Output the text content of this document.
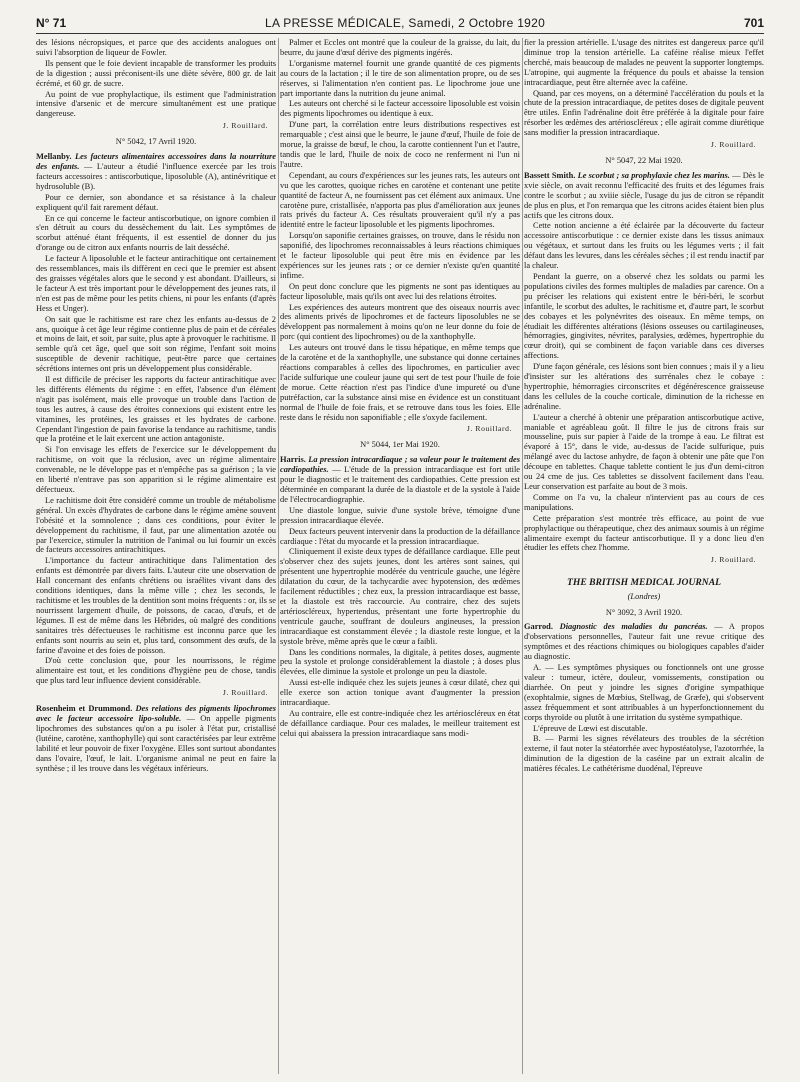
N° 71	LA PRESSE MÉDICALE, Samedi, 2 Octobre 1920	701

des lésions nécropsiques, et parce que des accidents analogues ont suivi l'absorption de liqueur de Fowler.

Ils pensent que le foie devient incapable de transformer les produits de la digestion ; aussi préconisent-ils une diète sévère, 800 gr. de lait écrémé, et 60 gr. de sucre.

Au point de vue prophylactique, ils estiment que l'administration intensive d'arsenic et de mercure simultanément est une pratique dangereuse.

J. Rouillard.

N° 5042, 17 Avril 1920.

Mellanby. Les facteurs alimentaires accessoires dans la nourriture des enfants. — L'auteur a étudié l'influence exercée par les trois facteurs accessoires : antiscorbutique, liposoluble (A), antinévritique et hydrosoluble (B).

Pour ce dernier, son abondance et sa résistance à la chaleur expliquent qu'il fait rarement défaut.

En ce qui concerne le facteur antiscorbutique, on ignore combien il s'en détruit au cours du dessèchement du lait. Les symptômes de scorbut atténué étant fréquents, il est essentiel de donner du jus d'orange ou de citron aux enfants nourris de lait desséché.

Le facteur A liposoluble et le facteur antirachitique ont certainement des ressemblances, mais ils diffèrent en ceci que le premier est absent des graisses végétales alors que le second y est abondant. D'ailleurs, si le facteur A est très important pour le développement des jeunes rats, il n'en est pas de même pour les petits chiens, ni pour les enfants (d'après Hess et Unger).

On sait que le rachitisme est rare chez les enfants au-dessus de 2 ans, quoique à cet âge leur régime contienne plus de pain et de céréales et moins de lait, et soit, par suite, plus apte à provoquer le rachitisme. Il semble qu'à cet âge, quel que soit son régime, l'enfant soit moins susceptible de devenir rachitique, peut-être parce que certaines sécrétions internes ont pris un développement plus considérable.

Il est difficile de préciser les rapports du facteur antirachitique avec les différents éléments du régime : en effet, l'absence d'un élément n'agit pas isolément, mais elle provoque un trouble dans l'action de tous les autres, à cause des étroites connexions qui existent entre les vitamines, les protéines, les graisses et les hydrates de carbone. Cependant l'ingestion de pain favorise la tendance au rachitisme, tandis que la protéine et le lait exercent une action antagoniste.

Si l'on envisage les effets de l'exercice sur le développement du rachitisme, on voit que la réclusion, avec un régime alimentaire convenable, ne le développe pas et n'empêche pas sa guérison ; la vie en liberté n'entrave pas son apparition si le régime alimentaire est défectueux.

Le rachitisme doit être considéré comme un trouble de métabolisme général. Un excès d'hydrates de carbone dans le régime amène souvent l'obésité et la somnolence ; dans ces conditions, pour éviter le développement du rachitisme, il faut, par une alimentation azotée ou par l'exercice, stimuler la nutrition de l'animal ou lui fournir un excès de facteurs accessoires antirachitiques.

L'importance du facteur antirachitique dans l'alimentation des enfants est démontrée par divers faits. L'auteur cite une observation de Hall concernant des enfants chrétiens ou israélites vivant dans des conditions identiques, dans la même ville ; chez les seconds, le rachitisme et les troubles de la dentition sont moins fréquents : or, ils se nourrissent largement d'huile, de poissons, de cacao, d'œufs, et de légumes. Il est de même dans les Hébrides, où malgré des conditions sanitaires très défectueuses le rachitisme est inconnu parce que les enfants sont nourris au sein et, plus tard, consomment des œufs, de la farine d'avoine et des foies de poisson.

D'où cette conclusion que, pour les nourrissons, le régime alimentaire est tout, et les conditions d'hygiène peu de chose, tandis que plus tard leur influence devient considérable.

J. Rouillard.

Rosenheim et Drummond. Des relations des pigments lipochromes avec le facteur accessoire lipo-soluble. — On appelle pigments lipochromes des substances qu'on a pu isoler à l'état pur, cristallisé (lutéine, carotène, xanthophylle) qui sont caractérisées par leur extrême labilité et leur pouvoir de fixer l'oxygène. Elles sont surtout abondantes dans l'ovaire, l'œuf, le lait. L'organisme animal ne peut en faire la synthèse ; il les trouve dans les végétaux inférieurs.

Palmer et Eccles ont montré que la couleur de la graisse, du lait, du beurre, du jaune d'œuf dérive des pigments ingérés.

L'organisme maternel fournit une grande quantité de ces pigments au cours de la lactation ; il le tire de son alimentation propre, ou de ses réserves, si l'alimentation n'en contient pas. Le lipochrome joue une part importante dans la nutrition du jeune animal.

Les auteurs ont cherché si le facteur accessoire liposoluble est voisin des pigments lipochromes ou identique à eux.

D'une part, la corrélation entre leurs distributions respectives est remarquable ; c'est ainsi que le beurre, le jaune d'œuf, l'huile de foie de morue, la graisse de bœuf, le chou, la carotte contiennent l'un et l'autre, tandis que le lard, l'huile de noix de coco ne renferment ni l'un ni l'autre.

Cependant, au cours d'expériences sur les jeunes rats, les auteurs ont vu que les carottes, quoique riches en carotène et contenant une petite quantité de facteur A, ne fournissent pas cet élément aux animaux. Une carotène pure, cristallisée, n'apporta pas plus d'amélioration aux jeunes rats privés du facteur A. Ces résultats prouveraient qu'il n'y a pas identité entre le facteur liposoluble et les pigments lipochromes.

Lorsqu'on saponifie certaines graisses, on trouve, dans le résidu non saponifié, des lipochromes reconnaissables à leurs réactions chimiques et le facteur liposoluble qui peut être mis en évidence par les expériences sur les jeunes rats ; or ce dernier n'existe qu'en quantité infime.

On peut donc conclure que les pigments ne sont pas identiques au facteur liposoluble, mais qu'ils ont avec lui des relations étroites.

Les expériences des auteurs montrent que des oiseaux nourris avec des aliments privés de lipochromes et de facteurs liposolubles ne se développent pas normalement à moins qu'on ne leur donne du foie de porc (qui contient des lipochromes) ou de la xanthophylle.

Les auteurs ont trouvé dans le tissu hépatique, en même temps que de la carotène et de la xanthophylle, une substance qui donne certaines réactions comparables à celles des lipochromes, en particulier avec l'acide sulfurique une couleur jaune qui sert de test pour l'huile de foie de morue. Cette réaction n'est pas l'indice d'une impureté ou d'une putréfaction, car la substance ainsi mise en évidence est un constituant normal de l'huile de foie frais, et se retrouve dans tous les foies. Elle reste dans le résidu non saponifiable ; elle s'oxyde facilement.

J. Rouillard.

N° 5044, 1er Mai 1920.

Harris. La pression intracardiaque ; sa valeur pour le traitement des cardiopathies. — L'étude de la pression intracardiaque est fort utile pour le diagnostic et le traitement des cardiopathies. Cette pression est déterminée en comparant la durée de la diastole et de la systole à l'aide de l'électrocardiographie.

Une diastole longue, suivie d'une systole brève, témoigne d'une pression intracardiaque élevée.

Deux facteurs peuvent intervenir dans la production de la défaillance cardiaque : l'état du myocarde et la pression intracardiaque.

Cliniquement il existe deux types de défaillance cardiaque. Elle peut s'observer chez des sujets jeunes, dont les artères sont saines, qui présentent une hypertrophie modérée du ventricule gauche, une légère dilatation du cœur, de la tachycardie avec hypotension, des œdèmes facilement réductibles ; chez eux, la pression intracardiaque est basse, et la diastole est très raccourcie. Au contraire, chez des sujets artérioscléreux, hypertendus, présentant une forte hypertrophie du ventricule gauche, souffrant de douleurs angineuses, la pression intracardiaque est constamment élevée ; la diastole reste longue, et la systole brève, même après que le cœur a faibli.

Dans les conditions normales, la digitale, à petites doses, augmente peu la systole et prolonge considérablement la diastole ; à doses plus élevées, elle diminue la systole et prolonge un peu la diastole.

Aussi est-elle indiquée chez les sujets jeunes à cœur dilaté, chez qui elle exerce son action tonique avant d'augmenter la pression intracardiaque.

Au contraire, elle est contre-indiquée chez les artérioscléreux en état de défaillance cardiaque. Pour ces malades, le meilleur traitement est celui qui abaissera la pression intracardiaque sans modi-

fier la pression artérielle. L'usage des nitrites est dangereux parce qu'il diminue trop la tension artérielle. La caféine réalise mieux l'effet cherché, mais beaucoup de malades ne peuvent la supporter longtemps. L'atropine, qui augmente la fréquence du pouls et abaisse la tension intracardiaque, peut être alternée avec la caféine.

Quand, par ces moyens, on a déterminé l'accélération du pouls et la chute de la pression intracardiaque, de petites doses de digitale peuvent être utiles. Enfin l'adrénaline doit être préférée à la digitale pour faire résorber les œdèmes des artérioscléreux ; elle agirait comme diurétique sans modifier la pression intracardiaque.

J. Rouillard.

N° 5047, 22 Mai 1920.

Bassett Smith. Le scorbut ; sa prophylaxie chez les marins. — Dès le xvie siècle, on avait reconnu l'efficacité des fruits et des légumes frais contre le scorbut ; au xviiie siècle, l'usage du jus de citron se répandit de plus en plus, et l'on remarqua que les citrons acides étaient bien plus actifs que les citrons doux.

Cette notion ancienne a été éclairée par la découverte du facteur accessoire antiscorbutique : ce dernier existe dans les tissus animaux ou végétaux, et surtout dans les fruits ou les légumes verts ; il fait défaut dans les levures, dans les céréales sèches ; il est rendu inactif par la chaleur.

Pendant la guerre, on a observé chez les soldats ou parmi les populations civiles des formes multiples de maladies par carence. On a pu préciser les relations qui existent entre le béri-béri, le scorbut infantile, le scorbut des adultes, le rachitisme et, d'autre part, le scorbut des cobayes et les polynévrites des oiseaux. En même temps, on étudiait les différentes altérations (lésions osseuses ou cartilagineuses, hémorragies, gingivites, névrites, paralysies, œdèmes, hypertrophie du cœur droit), qui se combinent de façon variable dans ces diverses affections.

D'une façon générale, ces lésions sont bien connues ; mais il y a lieu d'insister sur les altérations des surrénales chez le cobaye : hypertrophie, hémorragies circonscrites et dégénérescence graisseuse dans les cellules de la couche corticale, diminution de la richesse en adrénaline.

L'auteur a cherché à obtenir une préparation antiscorbutique active, maniable et agréableau goût. Il filtre le jus de citrons frais sur mousseline, puis sur papier à l'aide de la trompe à eau. Le filtrat est évaporé à 15°, dans le vide, au-dessus de l'acide sulfurique, puis mélangé avec du lactose anhydre, de façon à obtenir une pâte que l'on découpe en tablettes. Chaque tablette contient le jus d'un demi-citron ou 24 cme de jus. Ces tablettes se dissolvent facilement dans l'eau. Leur conservation est parfaite au bout de 3 mois.

Comme on l'a vu, la chaleur n'intervient pas au cours de ces manipulations.

Cette préparation s'est montrée très efficace, au point de vue prophylactique ou thérapeutique, chez des animaux soumis à un régime alimentaire exempt du facteur antiscorbutique. Il y a donc lieu d'en étudier les effets chez l'homme.

J. Rouillard.

THE BRITISH MEDICAL JOURNAL

(Londres)

N° 3092, 3 Avril 1920.

Garrod. Diagnostic des maladies du pancréas. — A propos d'observations personnelles, l'auteur fait une revue critique des symptômes et des réactions chimiques ou biologiques capables d'aider au diagnostic.

A. — Les symptômes physiques ou fonctionnels ont une grosse valeur : tumeur, ictère, douleur, vomissements, constipation ou diarrhée. On peut y joindre les signes d'origine sympathique (exophtalmie, signes de Mœbius, Stellwag, de Græfe), qui s'observent assez fréquemment et sont attribuables à un hyperfonctionnement du corps thyroïde ou plutôt à une irritation du système sympathique.

L'épreuve de Lœwi est discutable.

B. — Parmi les signes révélateurs des troubles de la sécrétion externe, il faut noter la stéatorrhée avec hypostéatolyse, l'azotorrhée, la diminution de la digestion de la caséine par un extrait alcalin de matières fécales. Le cathétérisme duodénal, l'épreuve
